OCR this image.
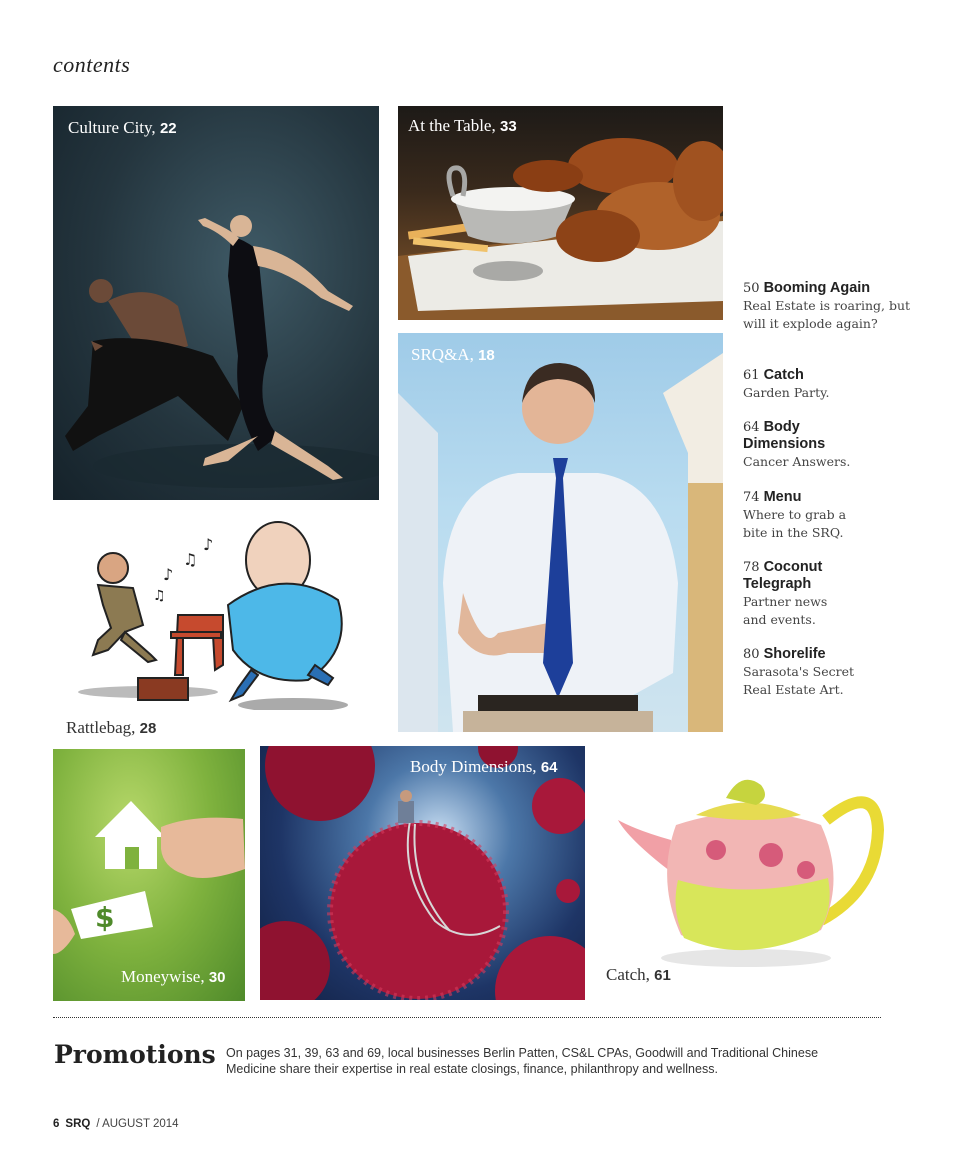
contents
Culture City, 22	At the Table, 33
SRQ&A, 18
♪
♫
♪
♫
Rattlebag, 28
$
Moneywise, 30
Body Dimensions, 64
Catch, 61
50 Booming Again
Real Estate is roaring, but will it explode again?
61 Catch
Garden Party.
64 Body Dimensions
Cancer Answers.
74 Menu
Where to grab a bite in the SRQ.
78 Coconut Telegraph
Partner news and events.
80 Shorelife
Sarasota's Secret Real Estate Art.
Promotions On pages 31, 39, 63 and 69, local businesses Berlin Patten, CS&L CPAs, Goodwill and Traditional Chinese Medicine share their expertise in real estate closings, finance, philanthropy and wellness.
6 SRQ / AUGUST 2014
